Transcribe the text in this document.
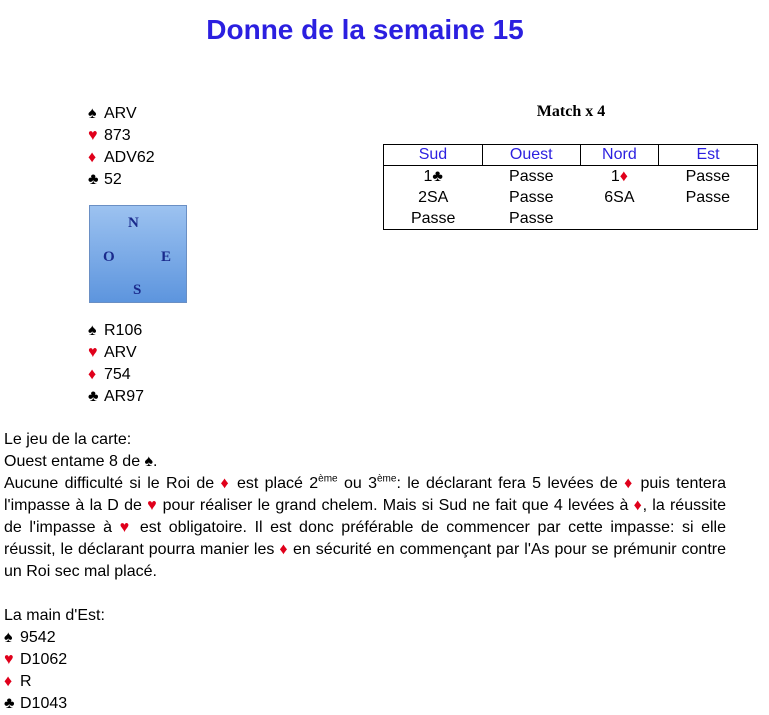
Donne de la semaine 15
♠ ARV
♥ 873
♦ ADV62
♣ 52
N
O	E
S
♠ R106
♥ ARV
♦ 754
♣ AR97
Match x 4
Sud	Ouest	Nord	Est
1♣	Passe	1♦	Passe
2SA	Passe	6SA	Passe
Passe	Passe		
Le jeu de la carte:
Ouest entame 8 de ♠.
Aucune difficulté si le Roi de ♦ est placé 2ème ou 3ème: le déclarant fera 5 levées de ♦ puis tentera l'impasse à la D de ♥ pour réaliser le grand chelem. Mais si Sud ne fait que 4 levées à ♦, la réussite de l'impasse à ♥ est obligatoire. Il est donc préférable de commencer par cette impasse: si elle réussit, le déclarant pourra manier les ♦ en sécurité en commençant par l'As pour se prémunir contre un Roi sec mal placé.
La main d'Est:
♠ 9542
♥ D1062
♦ R
♣ D1043
